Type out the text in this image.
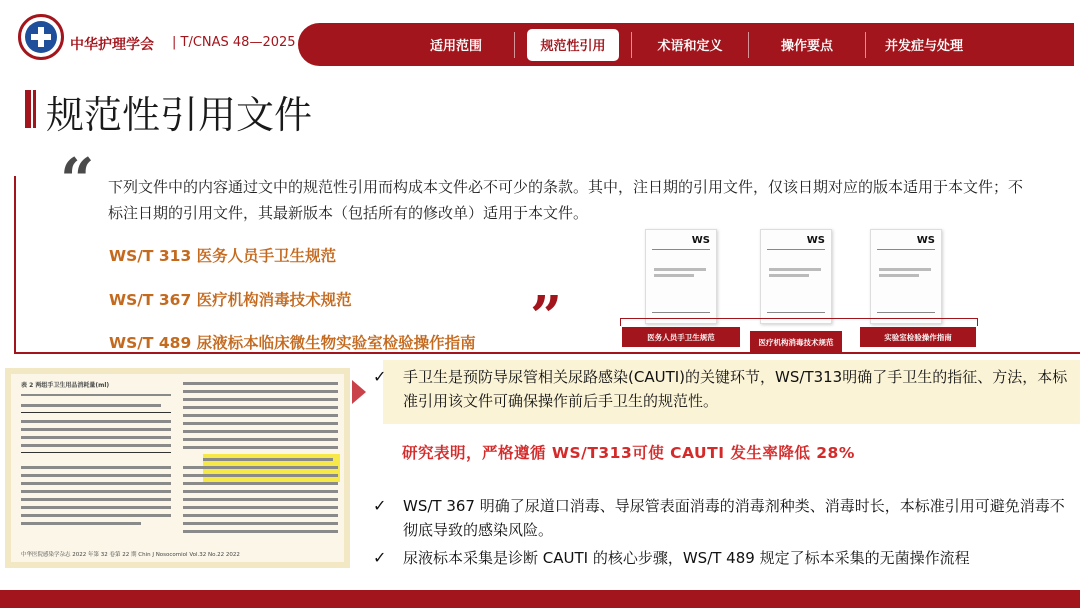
中华护理学会 | T/CNAS 48—2025	适用范围	规范性引用	术语和定义	操作要点	并发症与处理
规范性引用文件
“ 下列文件中的内容通过文中的规范性引用而构成本文件必不可少的条款。其中，注日期的引用文件，仅该日期对应的版本适用于本文件；不标注日期的引用文件，其最新版本（包括所有的修改单）适用于本文件。
WS/T 313 医务人员手卫生规范
WS/T 367 医疗机构消毒技术规范
WS/T 489 尿液标本临床微生物实验室检验操作指南 ”
WS	WS	WS
医务人员手卫生规范
医疗机构消毒技术规范
实验室检验操作指南
表 2 两组手卫生用品消耗量(ml)
中华医院感染学杂志 2022 年第 32 卷第 22 期 Chin J Nosocomiol Vol.32 No.22 2022
✓ 手卫生是预防导尿管相关尿路感染(CAUTI)的关键环节，WS/T313明确了手卫生的指征、方法，本标准引用该文件可确保操作前后手卫生的规范性。
研究表明，严格遵循 WS/T313可使 CAUTI 发生率降低 28%
✓ WS/T 367 明确了尿道口消毒、导尿管表面消毒的消毒剂种类、消毒时长，本标准引用可避免消毒不彻底导致的感染风险。
✓ 尿液标本采集是诊断 CAUTI 的核心步骤，WS/T 489 规定了标本采集的无菌操作流程
